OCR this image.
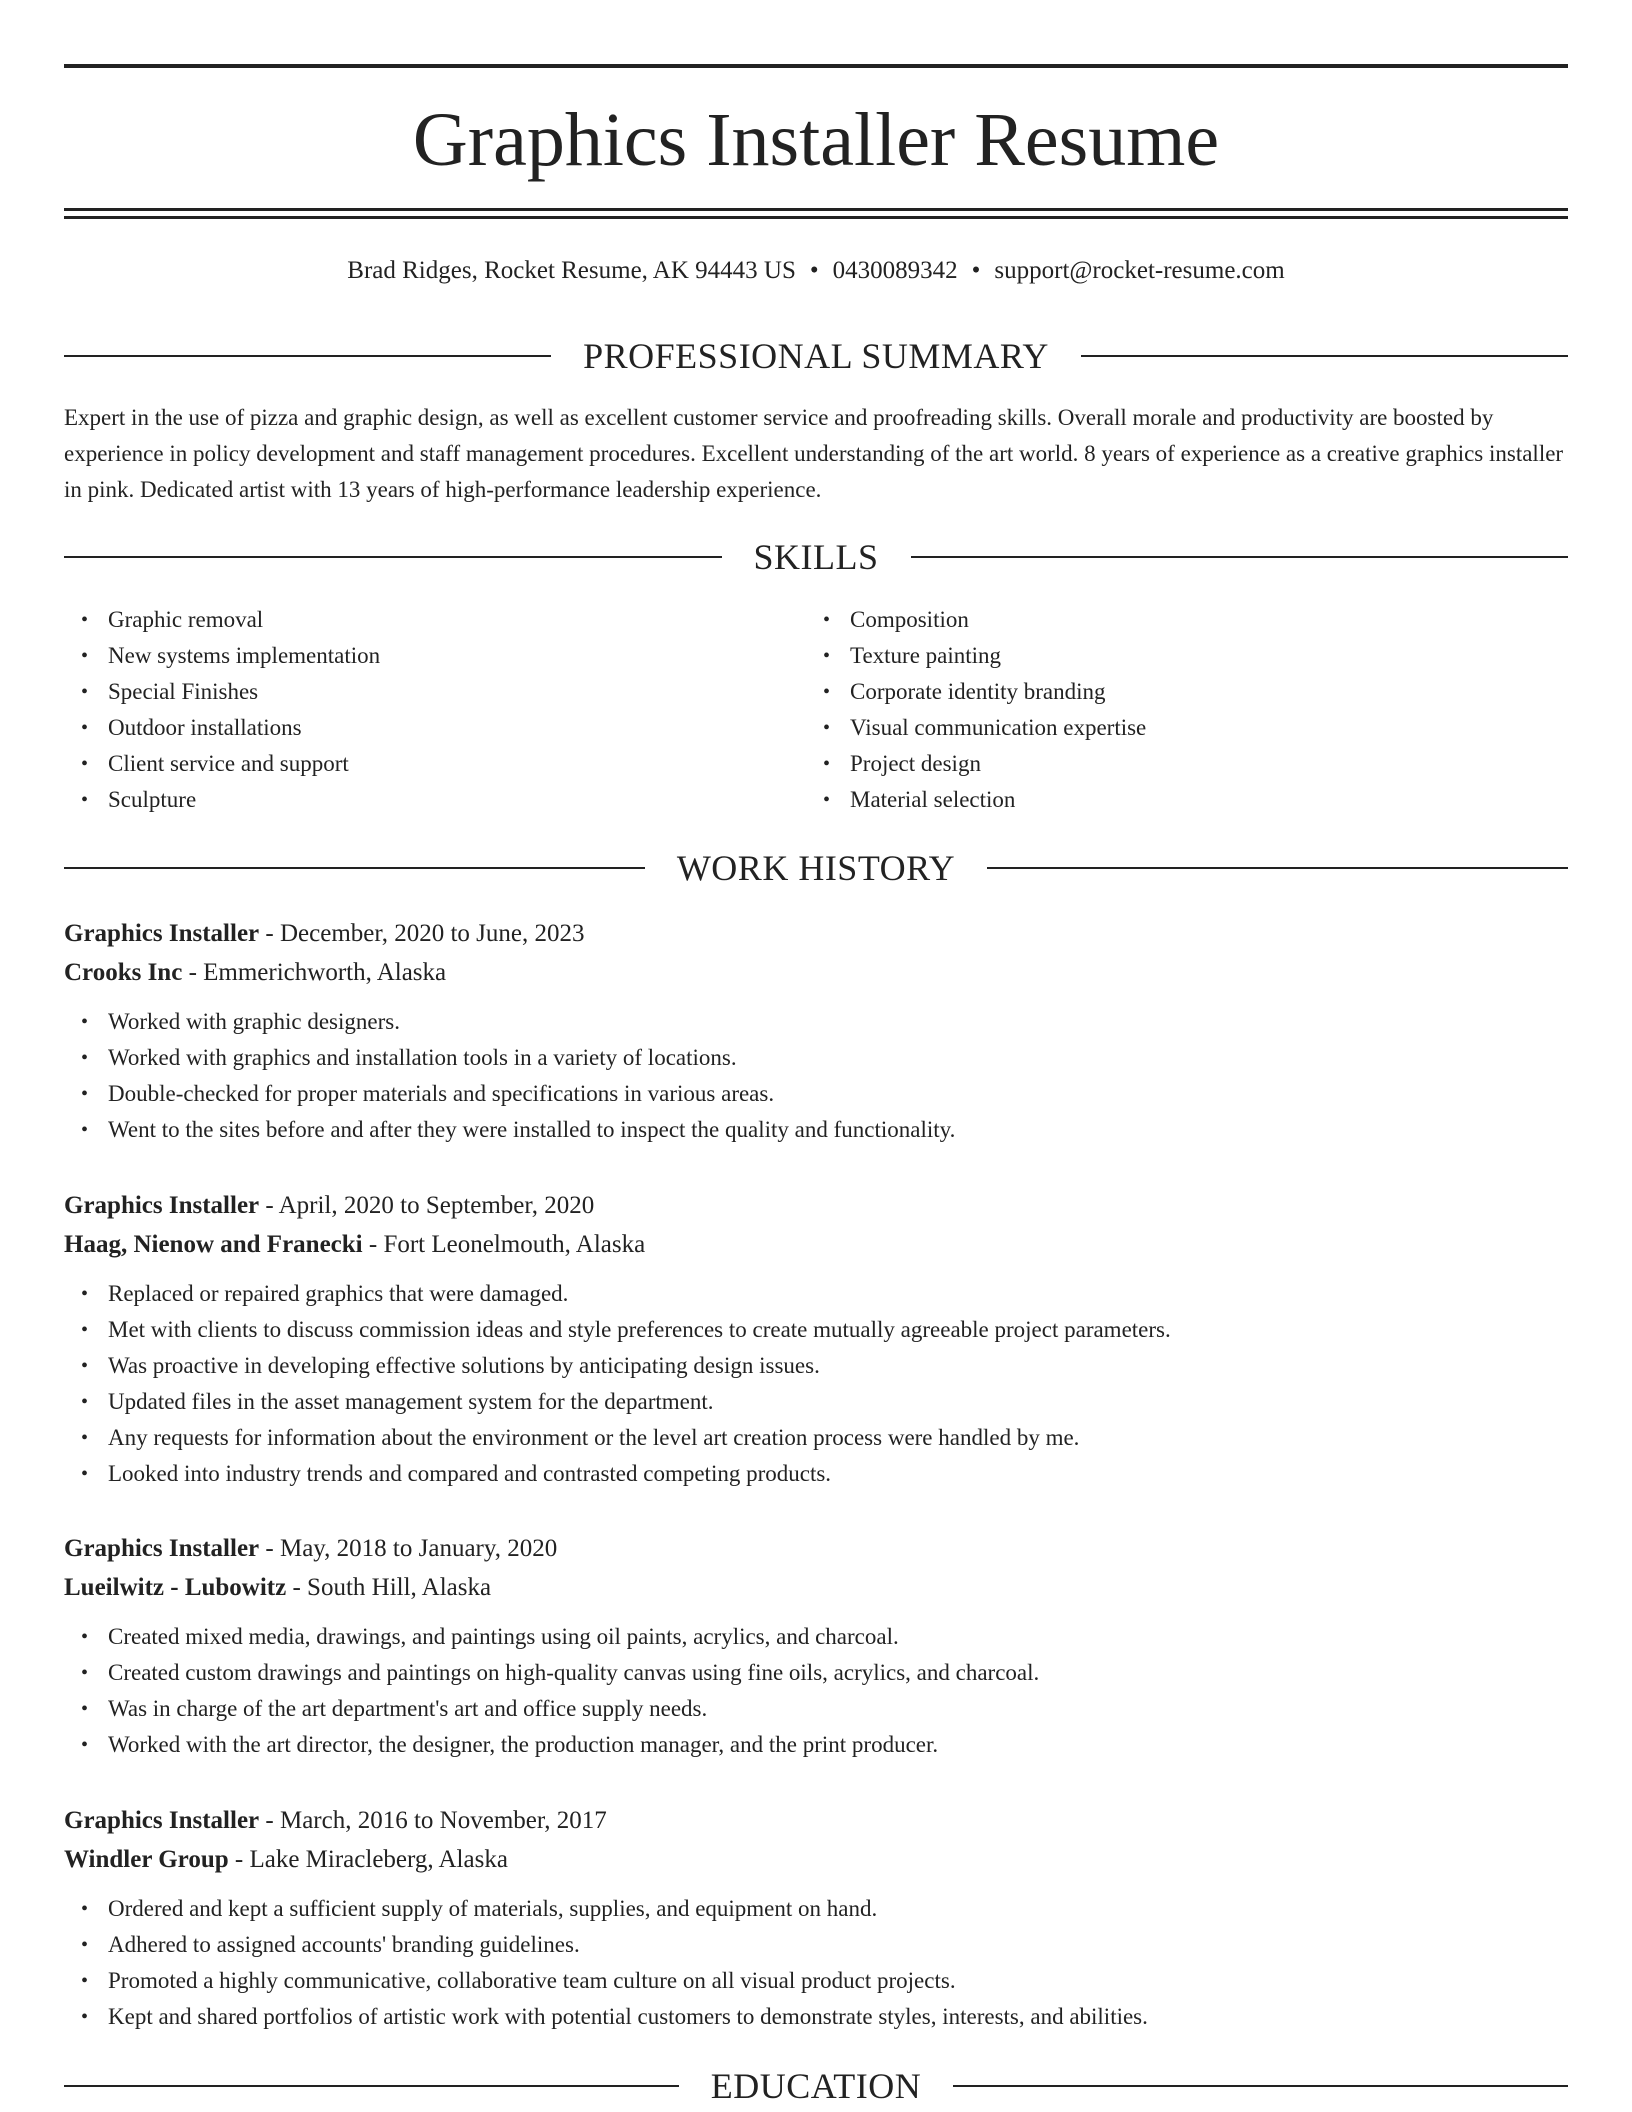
Graphics Installer Resume
Brad Ridges, Rocket Resume, AK 94443 US • 0430089342 • support@rocket-resume.com
PROFESSIONAL SUMMARY

Expert in the use of pizza and graphic design, as well as excellent customer service and proofreading skills. Overall morale and productivity are boosted by experience in policy development and staff management procedures. Excellent understanding of the art world. 8 years of experience as a creative graphics installer in pink. Dedicated artist with 13 years of high-performance leadership experience.

SKILLS
• Graphic removal
• New systems implementation
• Special Finishes
• Outdoor installations
• Client service and support
• Sculpture
• Composition
• Texture painting
• Corporate identity branding
• Visual communication expertise
• Project design
• Material selection
WORK HISTORY
Graphics Installer - December, 2020 to June, 2023
Crooks Inc - Emmerichworth, Alaska
• Worked with graphic designers.
• Worked with graphics and installation tools in a variety of locations.
• Double-checked for proper materials and specifications in various areas.
• Went to the sites before and after they were installed to inspect the quality and functionality.
Graphics Installer - April, 2020 to September, 2020
Haag, Nienow and Franecki - Fort Leonelmouth, Alaska
• Replaced or repaired graphics that were damaged.
• Met with clients to discuss commission ideas and style preferences to create mutually agreeable project parameters.
• Was proactive in developing effective solutions by anticipating design issues.
• Updated files in the asset management system for the department.
• Any requests for information about the environment or the level art creation process were handled by me.
• Looked into industry trends and compared and contrasted competing products.
Graphics Installer - May, 2018 to January, 2020
Lueilwitz - Lubowitz - South Hill, Alaska
• Created mixed media, drawings, and paintings using oil paints, acrylics, and charcoal.
• Created custom drawings and paintings on high-quality canvas using fine oils, acrylics, and charcoal.
• Was in charge of the art department's art and office supply needs.
• Worked with the art director, the designer, the production manager, and the print producer.
Graphics Installer - March, 2016 to November, 2017
Windler Group - Lake Miracleberg, Alaska
• Ordered and kept a sufficient supply of materials, supplies, and equipment on hand.
• Adhered to assigned accounts' branding guidelines.
• Promoted a highly communicative, collaborative team culture on all visual product projects.
• Kept and shared portfolios of artistic work with potential customers to demonstrate styles, interests, and abilities.
EDUCATION
